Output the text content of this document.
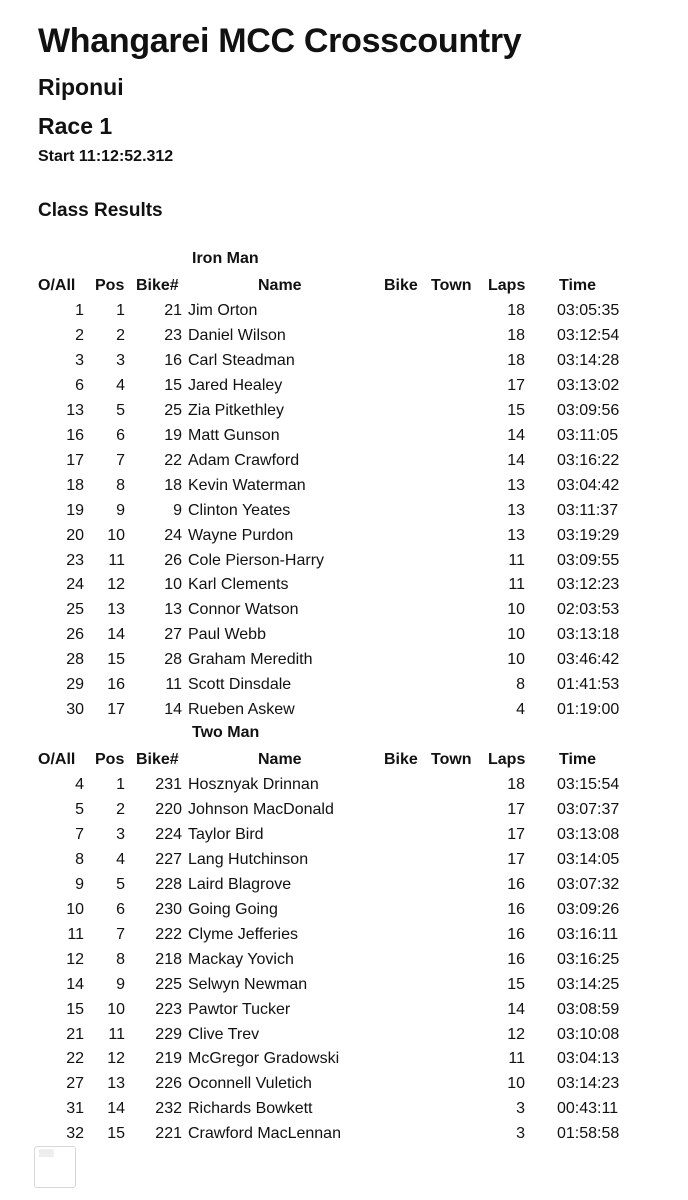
Whangarei MCC Crosscountry
Riponui
Race 1
Start 11:12:52.312
Class Results
Iron Man
O/All Pos Bike#	Name	Bike Town Laps Time
1 1 21 Jim Orton	18 03:05:35
2 2 23 Daniel Wilson	18 03:12:54
3 3 16 Carl Steadman	18 03:14:28
6 4 15 Jared Healey	17 03:13:02
13 5 25 Zia Pitkethley	15 03:09:56
16 6 19 Matt Gunson	14 03:11:05
17 7 22 Adam Crawford	14 03:16:22
18 8 18 Kevin Waterman	13 03:04:42
19 9	9 Clinton Yeates	13 03:11:37
20 10 24 Wayne Purdon	13 03:19:29
23 11 26 Cole Pierson-Harry	11 03:09:55
24 12 10 Karl Clements	11 03:12:23
25 13 13 Connor Watson	10 02:03:53
26 14 27 Paul Webb	10 03:13:18
28 15 28 Graham Meredith	10 03:46:42
29 16	11 Scott Dinsdale	8 01:41:53
30 17 14 Rueben Askew	4 01:19:00
Two Man
O/All Pos Bike#	Name	Bike Town Laps Time
4 1 231 Hosznyak Drinnan	18 03:15:54
5 2 220 Johnson MacDonald	17 03:07:37
7 3 224 Taylor Bird	17 03:13:08
8 4 227 Lang Hutchinson	17 03:14:05
9 5 228 Laird Blagrove	16 03:07:32
10 6 230 Going Going	16 03:09:26
11 7 222 Clyme Jefferies	16 03:16:11
12 8 218 Mackay Yovich	16 03:16:25
14 9 225 Selwyn Newman	15 03:14:25
15 10 223 Pawtor Tucker	14 03:08:59
21 11 229 Clive Trev	12 03:10:08
22 12 219 McGregor Gradowski	11 03:04:13
27 13 226 Oconnell Vuletich	10 03:14:23
31 14 232 Richards Bowkett	3 00:43:11
32 15 221 Crawford MacLennan	3 01:58:58
▒▒▒
